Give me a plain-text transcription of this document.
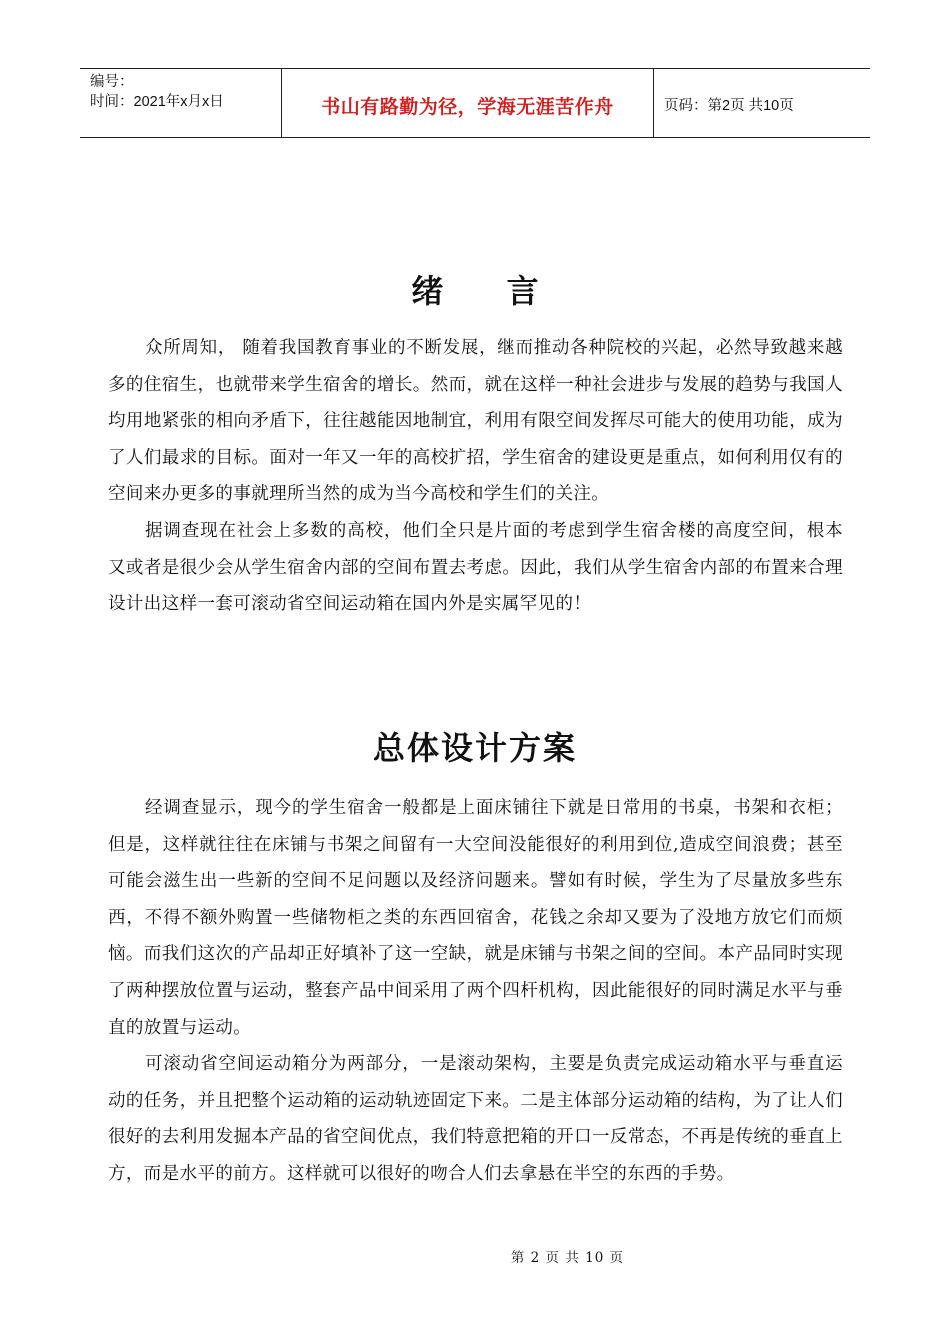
编号：
时间：2021年x月x日	书山有路勤为径，学海无涯苦作舟	页码：第2页 共10页
绪 言

众所周知， 随着我国教育事业的不断发展，继而推动各种院校的兴起，必然导致越来越多的住宿生，也就带来学生宿舍的增长。然而，就在这样一种社会进步与发展的趋势与我国人均用地紧张的相向矛盾下，往往越能因地制宜，利用有限空间发挥尽可能大的使用功能，成为了人们最求的目标。面对一年又一年的高校扩招，学生宿舍的建设更是重点，如何利用仅有的空间来办更多的事就理所当然的成为当今高校和学生们的关注。

据调查现在社会上多数的高校，他们全只是片面的考虑到学生宿舍楼的高度空间，根本又或者是很少会从学生宿舍内部的空间布置去考虑。因此，我们从学生宿舍内部的布置来合理设计出这样一套可滚动省空间运动箱在国内外是实属罕见的！

总体设计方案

经调查显示，现今的学生宿舍一般都是上面床铺往下就是日常用的书桌，书架和衣柜； 但是，这样就往往在床铺与书架之间留有一大空间没能很好的利用到位,造成空间浪费；甚至可能会滋生出一些新的空间不足问题以及经济问题来。譬如有时候，学生为了尽量放多些东西，不得不额外购置一些储物柜之类的东西回宿舍，花钱之余却又要为了没地方放它们而烦恼。而我们这次的产品却正好填补了这一空缺，就是床铺与书架之间的空间。本产品同时实现了两种摆放位置与运动，整套产品中间采用了两个四杆机构，因此能很好的同时满足水平与垂直的放置与运动。

可滚动省空间运动箱分为两部分，一是滚动架构，主要是负责完成运动箱水平与垂直运动的任务，并且把整个运动箱的运动轨迹固定下来。二是主体部分运动箱的结构，为了让人们很好的去利用发掘本产品的省空间优点，我们特意把箱的开口一反常态，不再是传统的垂直上方，而是水平的前方。这样就可以很好的吻合人们去拿悬在半空的东西的手势。

第 2 页 共 10 页
